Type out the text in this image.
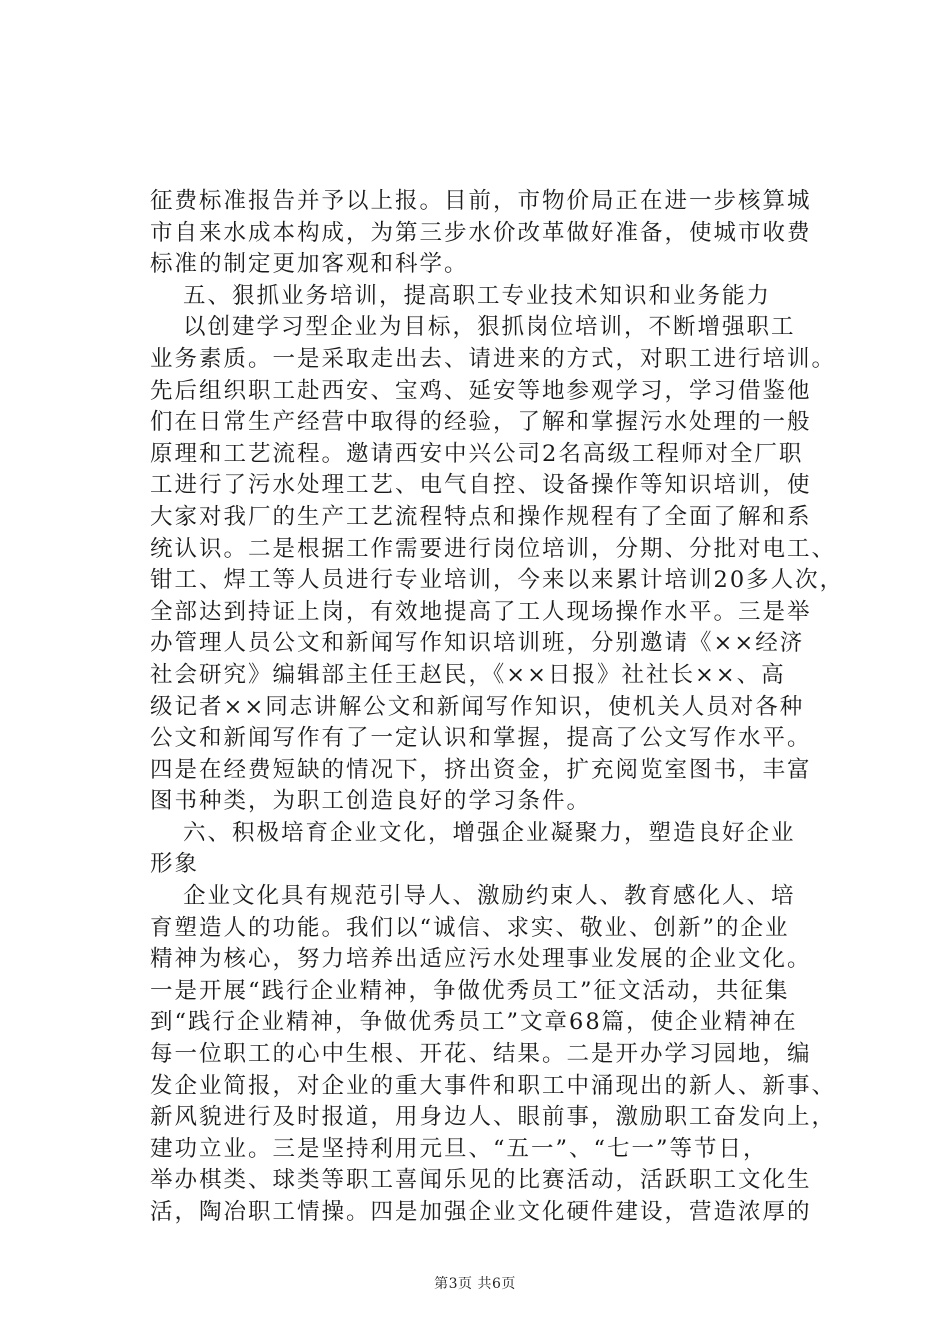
征费标准报告并予以上报。目前，市物价局正在进一步核算城
市自来水成本构成，为第三步水价改革做好准备，使城市收费
标准的制定更加客观和科学。
五、狠抓业务培训，提高职工专业技术知识和业务能力
以创建学习型企业为目标，狠抓岗位培训，不断增强职工
业务素质。一是采取走出去、请进来的方式，对职工进行培训。
先后组织职工赴西安、宝鸡、延安等地参观学习，学习借鉴他
们在日常生产经营中取得的经验，了解和掌握污水处理的一般
原理和工艺流程。邀请西安中兴公司2名高级工程师对全厂职
工进行了污水处理工艺、电气自控、设备操作等知识培训，使
大家对我厂的生产工艺流程特点和操作规程有了全面了解和系
统认识。二是根据工作需要进行岗位培训，分期、分批对电工、
钳工、焊工等人员进行专业培训，今来以来累计培训20多人次，
全部达到持证上岗，有效地提高了工人现场操作水平。三是举
办管理人员公文和新闻写作知识培训班，分别邀请《××经济
社会研究》编辑部主任王赵民，《××日报》社社长××、高
级记者××同志讲解公文和新闻写作知识，使机关人员对各种
公文和新闻写作有了一定认识和掌握，提高了公文写作水平。
四是在经费短缺的情况下，挤出资金，扩充阅览室图书，丰富
图书种类，为职工创造良好的学习条件。
六、积极培育企业文化，增强企业凝聚力，塑造良好企业
形象
企业文化具有规范引导人、激励约束人、教育感化人、培
育塑造人的功能。我们以“诚信、求实、敬业、创新”的企业
精神为核心，努力培养出适应污水处理事业发展的企业文化。
一是开展“践行企业精神，争做优秀员工”征文活动，共征集
到“践行企业精神，争做优秀员工”文章68篇，使企业精神在
每一位职工的心中生根、开花、结果。二是开办学习园地，编
发企业简报，对企业的重大事件和职工中涌现出的新人、新事、
新风貌进行及时报道，用身边人、眼前事，激励职工奋发向上，
建功立业。三是坚持利用元旦、“五一”、“七一”等节日，
举办棋类、球类等职工喜闻乐见的比赛活动，活跃职工文化生
活，陶冶职工情操。四是加强企业文化硬件建设，营造浓厚的
第3页 共6页
